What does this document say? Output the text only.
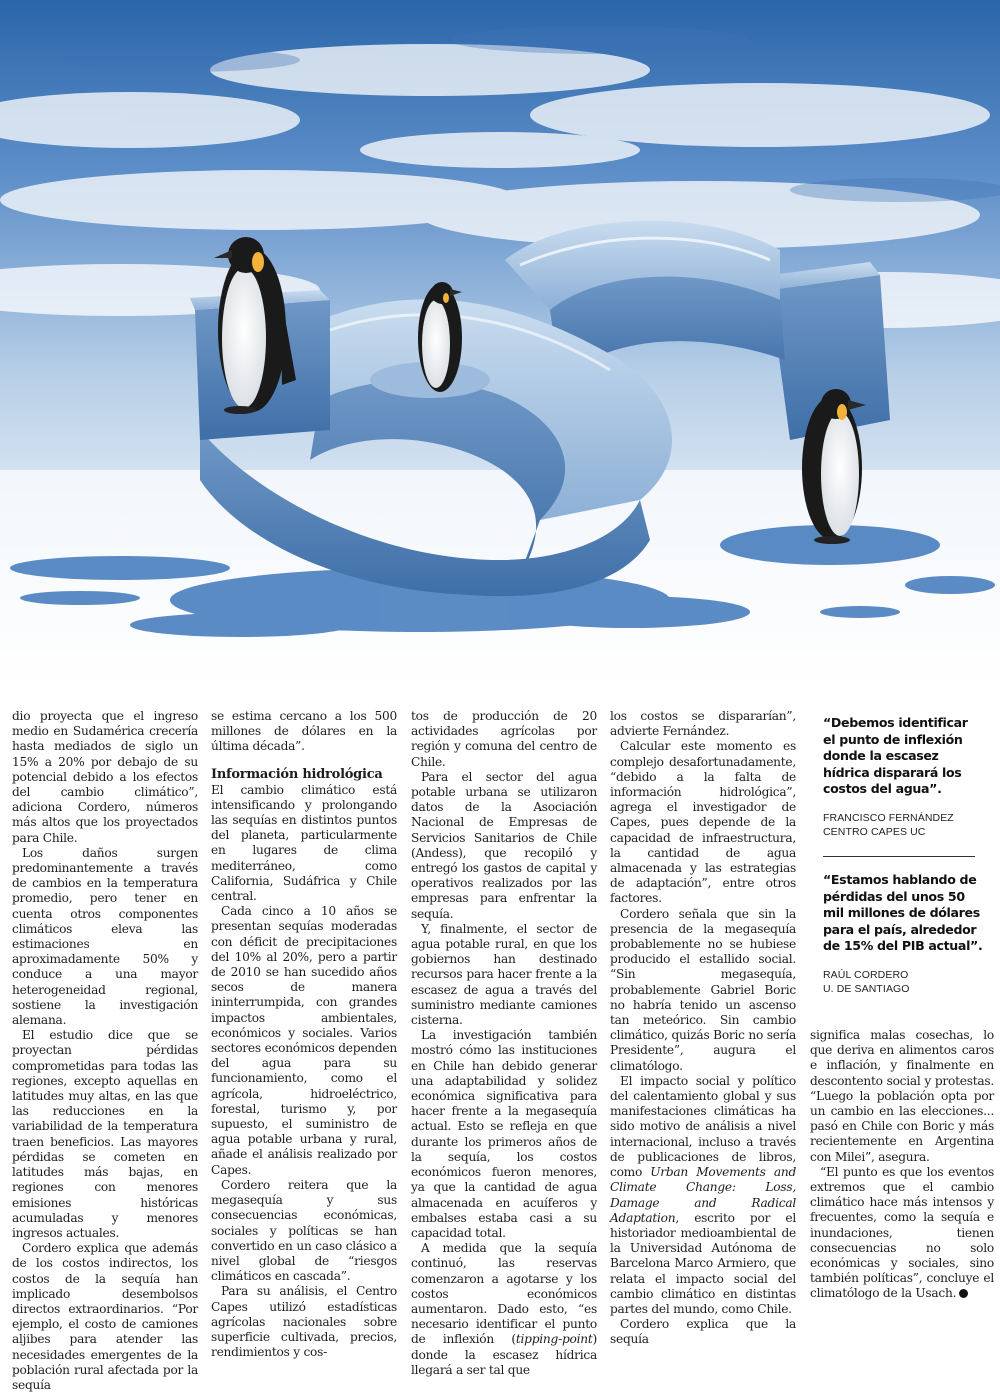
dio proyecta que el ingreso medio en Sudamérica crecería hasta mediados de siglo un 15% a 20% por debajo de su potencial debido a los efectos del cambio climático”, adiciona Cordero, números más altos que los proyectados para Chile.

Los daños surgen predominantemente a través de cambios en la temperatura promedio, pero tener en cuenta otros componentes climáticos eleva las estimaciones en aproximadamente 50% y conduce a una mayor heterogeneidad regional, sostiene la investigación alemana.

El estudio dice que se proyectan pérdidas comprometidas para todas las regiones, excepto aquellas en latitudes muy altas, en las que las reducciones en la variabilidad de la temperatura traen beneficios. Las mayores pérdidas se cometen en latitudes más bajas, en regiones con menores emisiones históricas acumuladas y menores ingresos actuales.

Cordero explica que además de los costos indirectos, los costos de la sequía han implicado desembolsos directos extraordinarios. “Por ejemplo, el costo de camiones aljibes para atender las necesidades emergentes de la población rural afectada por la sequía

se estima cercano a los 500 millones de dólares en la última década”.

Información hidrológica

El cambio climático está intensificando y prolongando las sequías en distintos puntos del planeta, particularmente en lugares de clima mediterráneo, como California, Sudáfrica y Chile central.

Cada cinco a 10 años se presentan sequías moderadas con déficit de precipitaciones del 10% al 20%, pero a partir de 2010 se han sucedido años secos de manera ininterrumpida, con grandes impactos ambientales, económicos y sociales. Varios sectores económicos dependen del agua para su funcionamiento, como el agrícola, hidroeléctrico, forestal, turismo y, por supuesto, el suministro de agua potable urbana y rural, añade el análisis realizado por Capes.

Cordero reitera que la megasequía y sus consecuencias económicas, sociales y políticas se han convertido en un caso clásico a nivel global de “riesgos climáticos en cascada”.

Para su análisis, el Centro Capes utilizó estadísticas agrícolas nacionales sobre superficie cultivada, precios, rendimientos y cos-

tos de producción de 20 actividades agrícolas por región y comuna del centro de Chile.

Para el sector del agua potable urbana se utilizaron datos de la Asociación Nacional de Empresas de Servicios Sanitarios de Chile (Andess), que recopiló y entregó los gastos de capital y operativos realizados por las empresas para enfrentar la sequía.

Y, finalmente, el sector de agua potable rural, en que los gobiernos han destinado recursos para hacer frente a la escasez de agua a través del suministro mediante camiones cisterna.

La investigación también mostró cómo las instituciones en Chile han debido generar una adaptabilidad y solidez económica significativa para hacer frente a la megasequía actual. Esto se refleja en que durante los primeros años de la sequía, los costos económicos fueron menores, ya que la cantidad de agua almacenada en acuíferos y embalses estaba casi a su capacidad total.

A medida que la sequía continuó, las reservas comenzaron a agotarse y los costos económicos aumentaron. Dado esto, “es necesario identificar el punto de inflexión (tipping-point) donde la escasez hídrica llegará a ser tal que

los costos se dispararían”, advierte Fernández.

Calcular este momento es complejo desafortunadamente, “debido a la falta de información hidrológica”, agrega el investigador de Capes, pues depende de la capacidad de infraestructura, la cantidad de agua almacenada y las estrategias de adaptación”, entre otros factores.

Cordero señala que sin la presencia de la megasequía probablemente no se hubiese producido el estallido social. “Sin megasequía, probablemente Gabriel Boric no habría tenido un ascenso tan meteórico. Sin cambio climático, quizás Boric no sería Presidente”, augura el climatólogo.

El impacto social y político del calentamiento global y sus manifestaciones climáticas ha sido motivo de análisis a nivel internacional, incluso a través de publicaciones de libros, como Urban Movements and Climate Change: Loss, Damage and Radical Adaptation, escrito por el historiador medioambiental de la Universidad Autónoma de Barcelona Marco Armiero, que relata el impacto social del cambio climático en distintas partes del mundo, como Chile.

Cordero explica que la sequía

“Debemos identificar el punto de inflexión donde la escasez hídrica disparará los costos del agua”.
FRANCISCO FERNÁNDEZ
CENTRO CAPES UC
“Estamos hablando de pérdidas del unos 50 mil millones de dólares para el país, alrededor de 15% del PIB actual”.
RAÚL CORDERO
U. DE SANTIAGO

significa malas cosechas, lo que deriva en alimentos caros e inflación, y finalmente en descontento social y protestas. “Luego la población opta por un cambio en las elecciones... pasó en Chile con Boric y más recientemente en Argentina con Milei”, asegura.

“El punto es que los eventos extremos que el cambio climático hace más intensos y frecuentes, como la sequía e inundaciones, tienen consecuencias no solo económicas y sociales, sino también políticas”, concluye el climatólogo de la Usach.
